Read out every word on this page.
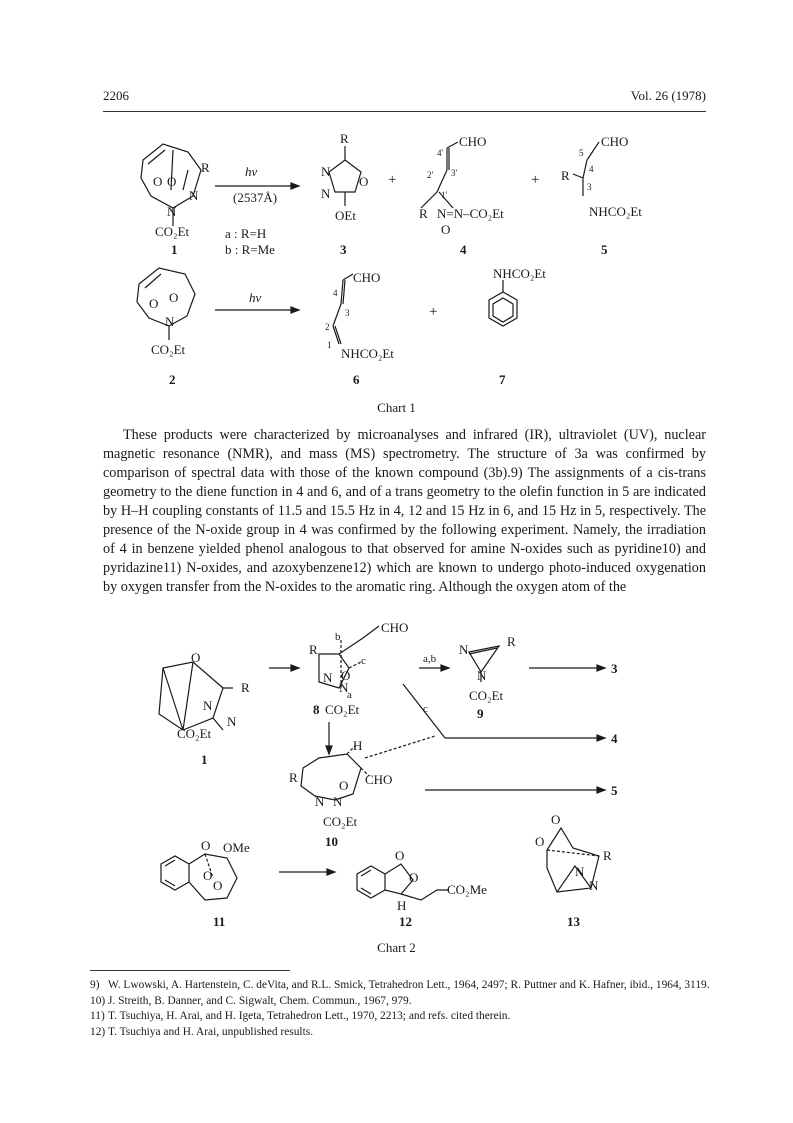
2206	Vol. 26 (1978)
R
O O
N
N
CO₂Et
1
hν
(2537Å)
a : R=H
b : R=Me
R
N
N
O
OEt
3
+
CHO
4'
3'
2'
1'
R N=N–CO₂Et
O
4
+
CHO
5
4
3
R
NHCO₂Et
5
O O
N
CO₂Et
2
hν
CHO
4
3
2
1
NHCO₂Et
6
+
NHCO₂Et
7
Chart 1

These products were characterized by microanalyses and infrared (IR), ultraviolet (UV), nuclear magnetic resonance (NMR), and mass (MS) spectrometry. The structure of 3a was confirmed by comparison of spectral data with those of the known compound (3b).9) The assignments of a cis-trans geometry to the diene function in 4 and 6, and of a trans geometry to the olefin function in 5 are indicated by H–H coupling constants of 11.5 and 15.5 Hz in 4, 12 and 15 Hz in 6, and 15 Hz in 5, respectively. The presence of the N-oxide group in 4 was confirmed by the following experiment. Namely, the irradiation of 4 in benzene yielded phenol analogous to that observed for amine N-oxides such as pyridine10) and pyridazine11) N-oxides, and azoxybenzene12) which are known to undergo photo-induced oxygenation by oxygen transfer from the N-oxides to the aromatic ring. Although the oxygen atom of the

O
R
N
N
CO₂Et
1
CHO
b
c
a
R
N
N
O
8 CO₂Et
a,b
N
R
N
CO₂Et
9
3
c
4
H
CHO
R
O
N N
CO₂Et
10
5
O OMe
O
O
11
O
O
H
CO₂Me
12
O
O
R
N
N
13
Chart 2
9) W. Lwowski, A. Hartenstein, C. deVita, and R.L. Smick, Tetrahedron Lett., 1964, 2497; R. Puttner and K. Hafner, ibid., 1964, 3119.
10) J. Streith, B. Danner, and C. Sigwalt, Chem. Commun., 1967, 979.
11) T. Tsuchiya, H. Arai, and H. Igeta, Tetrahedron Lett., 1970, 2213; and refs. cited therein.
12) T. Tsuchiya and H. Arai, unpublished results.
